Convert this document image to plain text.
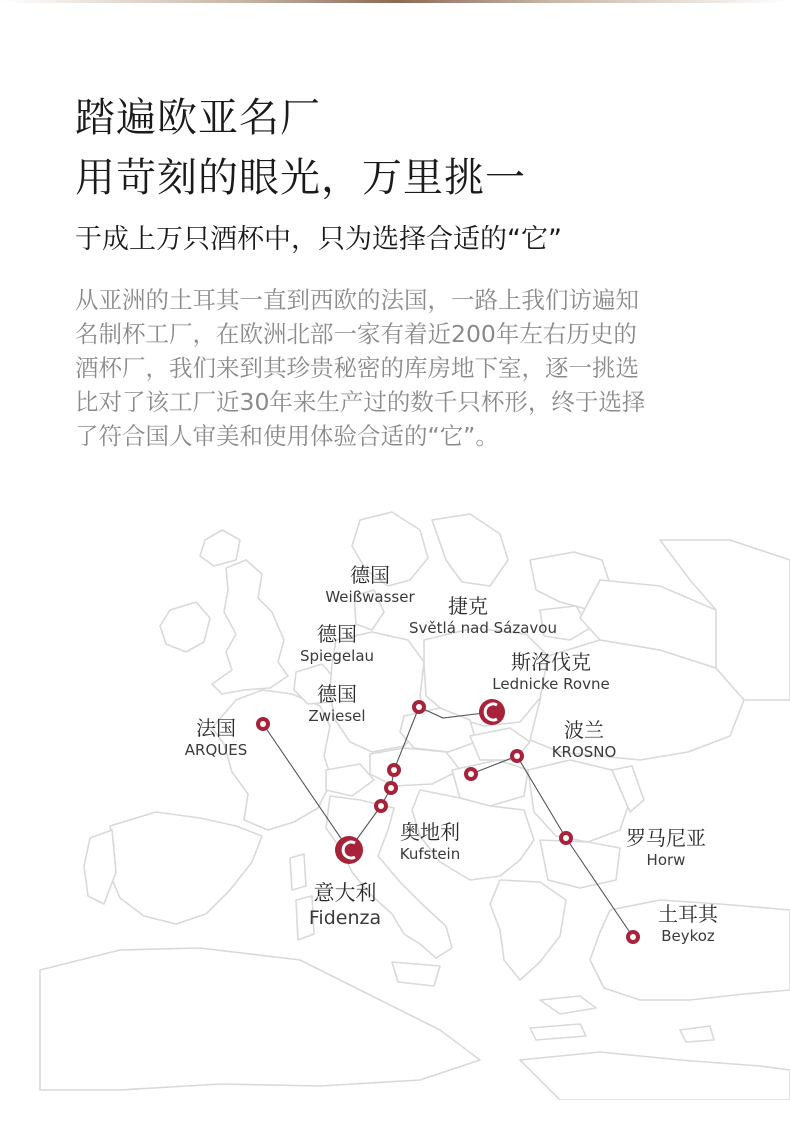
踏遍欧亚名厂
用苛刻的眼光，万里挑一
于成上万只酒杯中，只为选择合适的“它”
从亚洲的土耳其一直到西欧的法国，一路上我们访遍知
名制杯工厂，在欧洲北部一家有着近200年左右历史的
酒杯厂，我们来到其珍贵秘密的库房地下室，逐一挑选
比对了该工厂近30年来生产过的数千只杯形，终于选择
了符合国人审美和使用体验合适的“它”。
德国
Weißwasser	捷克
Světlá nad Sázavou
德国
Spiegelau	斯洛伐克
Lednicke Rovne
德国
Zwiesel
法国
ARQUES
波兰
KROSNO
奥地利
Kufstein
罗马尼亚
Horw
意大利
Fidenza	土耳其
Beykoz
